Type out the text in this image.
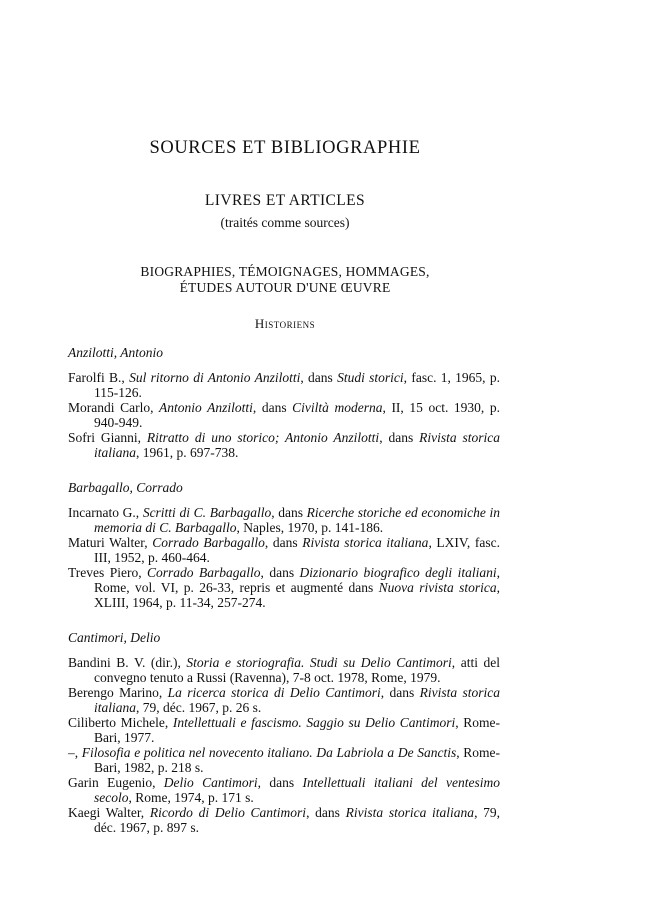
SOURCES ET BIBLIOGRAPHIE
LIVRES ET ARTICLES
(traités comme sources)
BIOGRAPHIES, TÉMOIGNAGES, HOMMAGES,
ÉTUDES AUTOUR D'UNE ŒUVRE
Historiens
Anzilotti, Antonio

Farolfi B., Sul ritorno di Antonio Anzilotti, dans Studi storici, fasc. 1, 1965, p. 115-126.

Morandi Carlo, Antonio Anzilotti, dans Civiltà moderna, II, 15 oct. 1930, p. 940-949.

Sofri Gianni, Ritratto di uno storico; Antonio Anzilotti, dans Rivista storica italiana, 1961, p. 697-738.

Barbagallo, Corrado

Incarnato G., Scritti di C. Barbagallo, dans Ricerche storiche ed economiche in memoria di C. Barbagallo, Naples, 1970, p. 141-186.

Maturi Walter, Corrado Barbagallo, dans Rivista storica italiana, LXIV, fasc. III, 1952, p. 460-464.

Treves Piero, Corrado Barbagallo, dans Dizionario biografico degli italiani, Rome, vol. VI, p. 26-33, repris et augmenté dans Nuova rivista storica, XLIII, 1964, p. 11-34, 257-274.

Cantimori, Delio

Bandini B. V. (dir.), Storia e storiografia. Studi su Delio Cantimori, atti del convegno tenuto a Russi (Ravenna), 7-8 oct. 1978, Rome, 1979.

Berengo Marino, La ricerca storica di Delio Cantimori, dans Rivista storica italiana, 79, déc. 1967, p. 26 s.

Ciliberto Michele, Intellettuali e fascismo. Saggio su Delio Cantimori, Rome-Bari, 1977.

–, Filosofia e politica nel novecento italiano. Da Labriola a De Sanctis, Rome-Bari, 1982, p. 218 s.

Garin Eugenio, Delio Cantimori, dans Intellettuali italiani del ventesimo secolo, Rome, 1974, p. 171 s.

Kaegi Walter, Ricordo di Delio Cantimori, dans Rivista storica italiana, 79, déc. 1967, p. 897 s.
